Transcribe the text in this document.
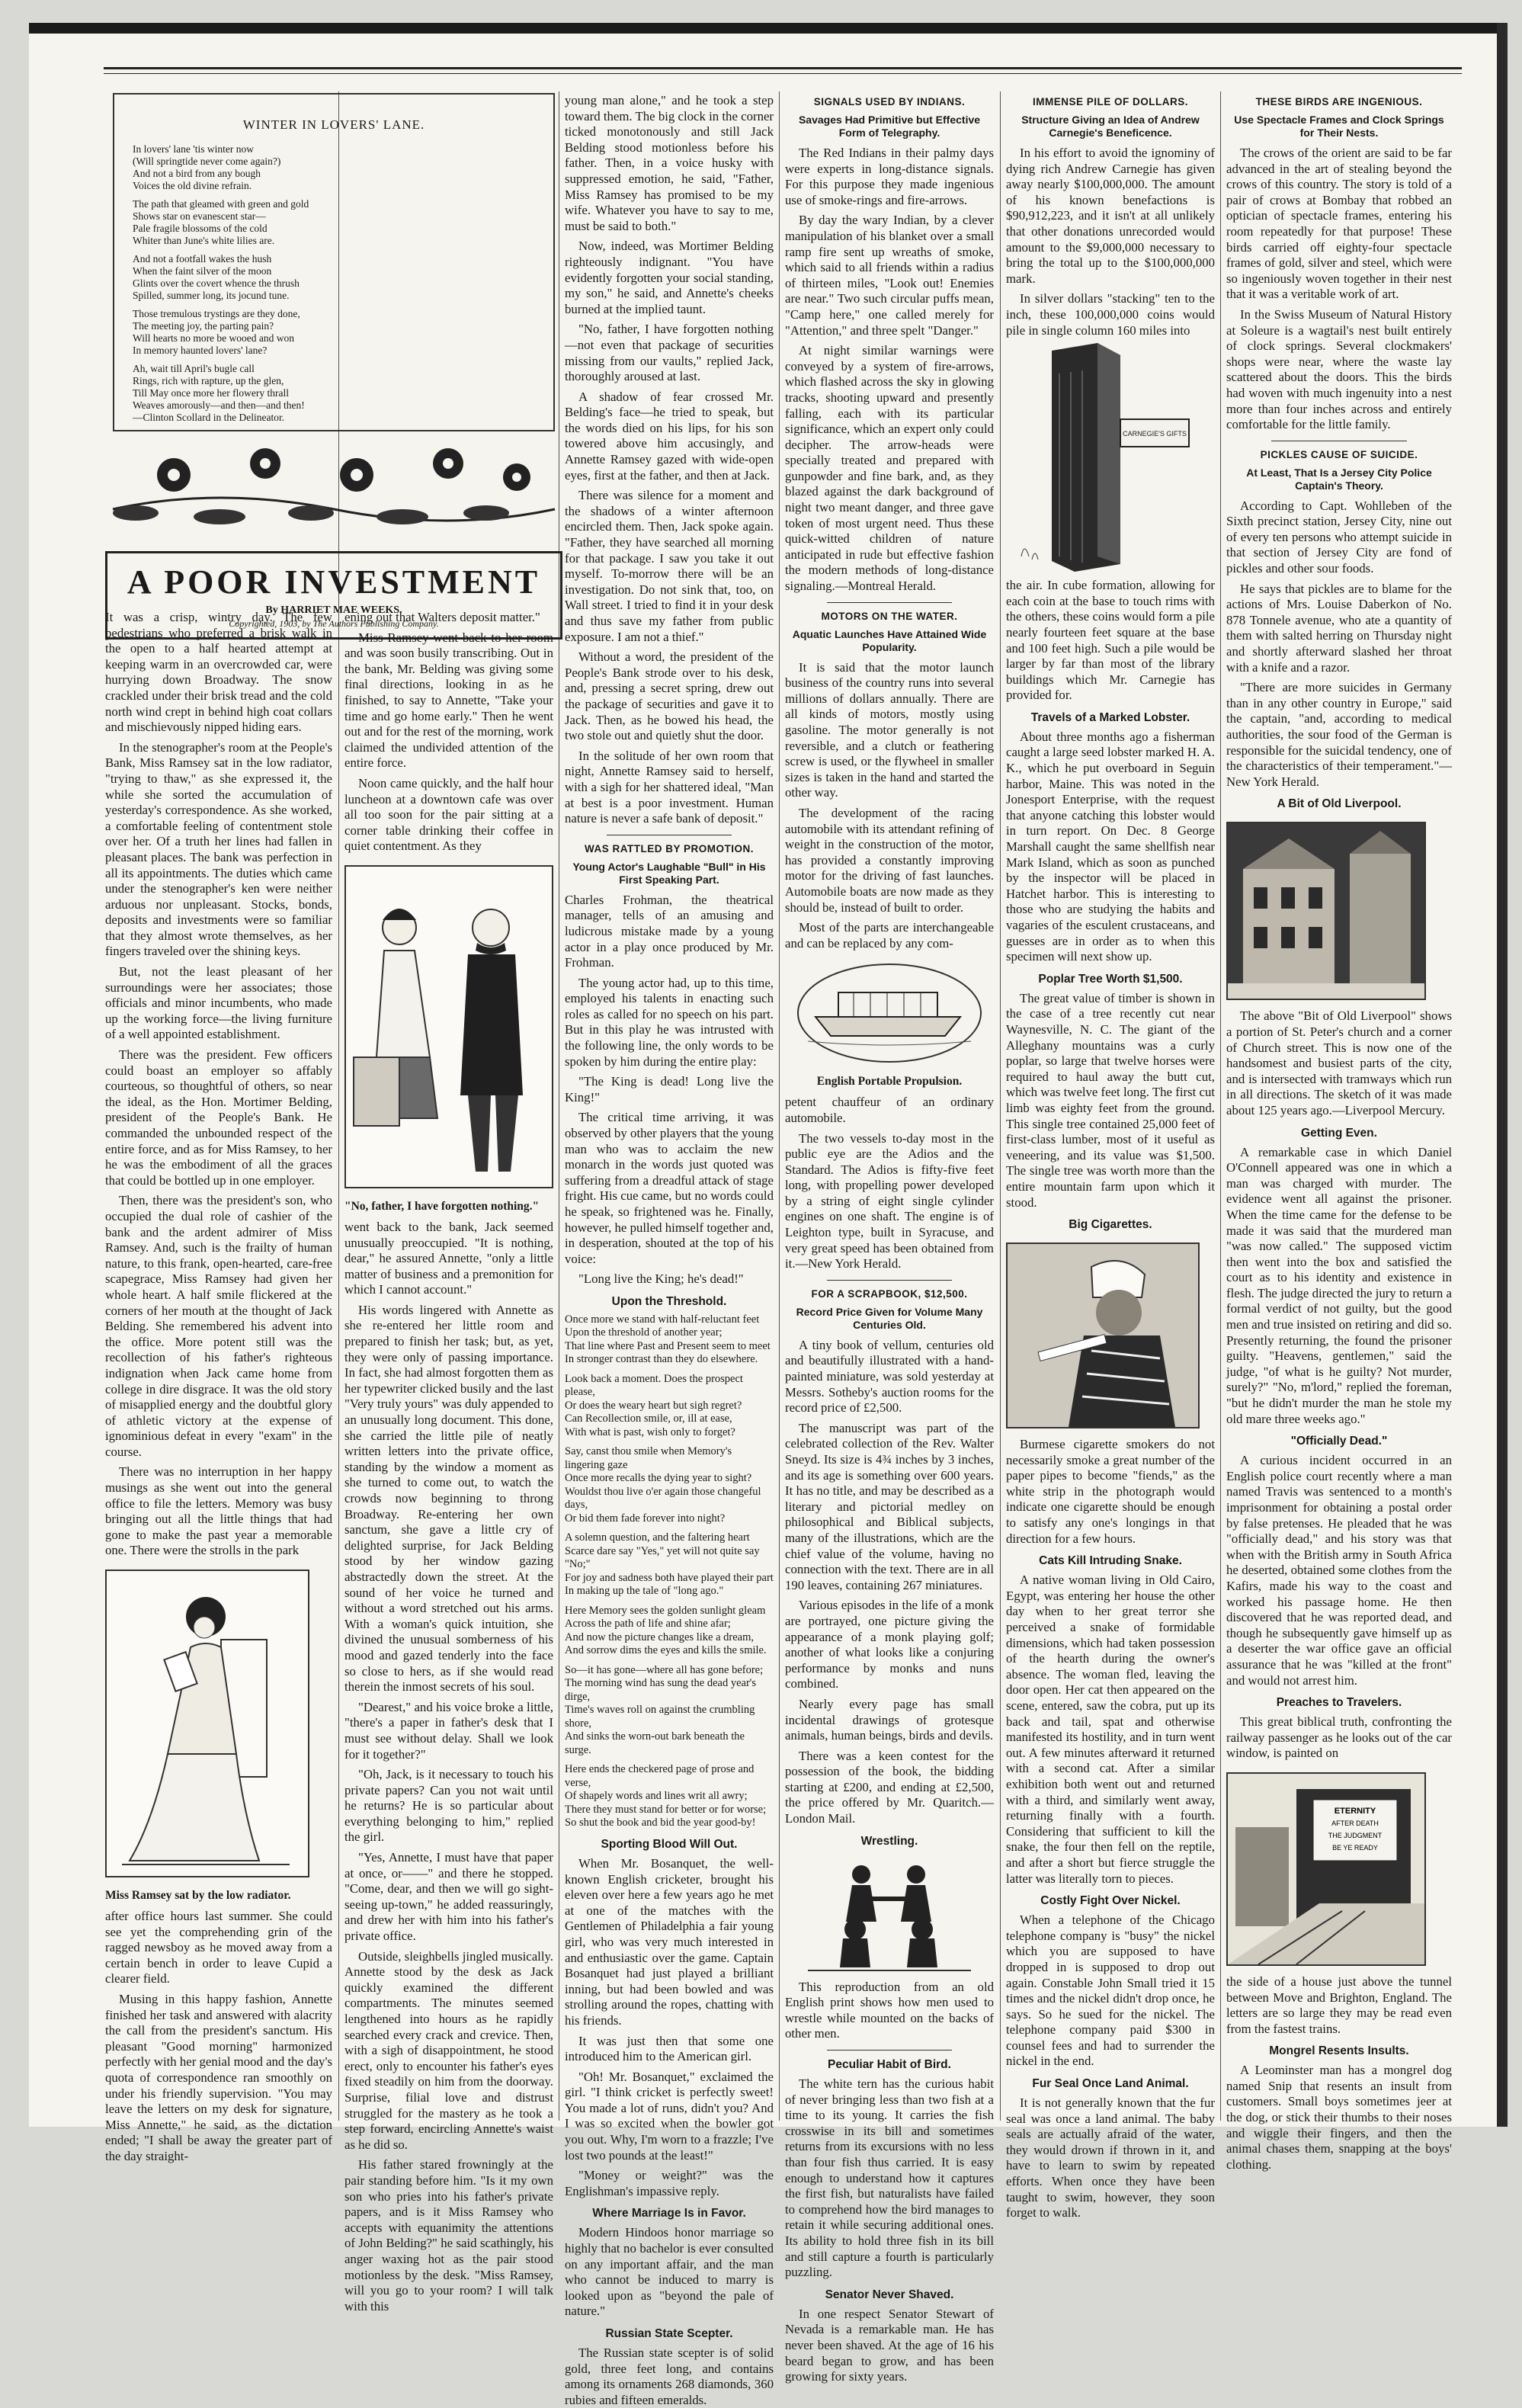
WINTER IN LOVERS' LANE.

In lovers' lane 'tis winter now
(Will springtide never come again?)
And not a bird from any bough
Voices the old divine refrain.

The path that gleamed with green and gold
Shows star on evanescent star—
Pale fragile blossoms of the cold
Whiter than June's white lilies are.

And not a footfall wakes the hush
When the faint silver of the moon
Glints over the covert whence the thrush
Spilled, summer long, its jocund tune.

Those tremulous trystings are they done,
The meeting joy, the parting pain?
Will hearts no more be wooed and won
In memory haunted lovers' lane?

Ah, wait till April's bugle call
Rings, rich with rapture, up the glen,
Till May once more her flowery thrall
Weaves amorously—and then—and then!
—Clinton Scollard in the Delineator.

A POOR INVESTMENT
By HARRIET MAE WEEKS.
Copyrighted, 1903, by The Authors Publishing Company.

It was a crisp, wintry day. The few pedestrians who preferred a brisk walk in the open to a half hearted attempt at keeping warm in an overcrowded car, were hurrying down Broadway. The snow crackled under their brisk tread and the cold north wind crept in behind high coat collars and mischievously nipped hiding ears.

In the stenographer's room at the People's Bank, Miss Ramsey sat in the low radiator, "trying to thaw," as she expressed it, the while she sorted the accumulation of yesterday's correspondence. As she worked, a comfortable feeling of contentment stole over her. Of a truth her lines had fallen in pleasant places. The bank was perfection in all its appointments. The duties which came under the stenographer's ken were neither arduous nor unpleasant. Stocks, bonds, deposits and investments were so familiar that they almost wrote themselves, as her fingers traveled over the shining keys.

But, not the least pleasant of her surroundings were her associates; those officials and minor incumbents, who made up the working force—the living furniture of a well appointed establishment.

There was the president. Few officers could boast an employer so affably courteous, so thoughtful of others, so near the ideal, as the Hon. Mortimer Belding, president of the People's Bank. He commanded the unbounded respect of the entire force, and as for Miss Ramsey, to her he was the embodiment of all the graces that could be bottled up in one employer.

Then, there was the president's son, who occupied the dual role of cashier of the bank and the ardent admirer of Miss Ramsey. And, such is the frailty of human nature, to this frank, open-hearted, care-free scapegrace, Miss Ramsey had given her whole heart. A half smile flickered at the corners of her mouth at the thought of Jack Belding. She remembered his advent into the office. More potent still was the recollection of his father's righteous indignation when Jack came home from college in dire disgrace. It was the old story of misapplied energy and the doubtful glory of athletic victory at the expense of ignominious defeat in every "exam" in the course.

There was no interruption in her happy musings as she went out into the general office to file the letters. Memory was busy bringing out all the little things that had gone to make the past year a memorable one. There were the strolls in the park

Miss Ramsey sat by the low radiator.

after office hours last summer. She could see yet the comprehending grin of the ragged newsboy as he moved away from a certain bench in order to leave Cupid a clearer field.

Musing in this happy fashion, Annette finished her task and answered with alacrity the call from the president's sanctum. His pleasant "Good morning" harmonized perfectly with her genial mood and the day's quota of correspondence ran smoothly on under his friendly supervision. "You may leave the letters on my desk for signature, Miss Annette," he said, as the dictation ended; "I shall be away the greater part of the day straight-

ening out that Walters deposit matter."

Miss Ramsey went back to her room and was soon busily transcribing. Out in the bank, Mr. Belding was giving some final directions, looking in as he finished, to say to Annette, "Take your time and go home early." Then he went out and for the rest of the morning, work claimed the undivided attention of the entire force.

Noon came quickly, and the half hour luncheon at a downtown cafe was over all too soon for the pair sitting at a corner table drinking their coffee in quiet contentment. As they

"No, father, I have forgotten nothing."

went back to the bank, Jack seemed unusually preoccupied. "It is nothing, dear," he assured Annette, "only a little matter of business and a premonition for which I cannot account."

His words lingered with Annette as she re-entered her little room and prepared to finish her task; but, as yet, they were only of passing importance. In fact, she had almost forgotten them as her typewriter clicked busily and the last "Very truly yours" was duly appended to an unusually long document. This done, she carried the little pile of neatly written letters into the private office, standing by the window a moment as she turned to come out, to watch the crowds now beginning to throng Broadway. Re-entering her own sanctum, she gave a little cry of delighted surprise, for Jack Belding stood by her window gazing abstractedly down the street. At the sound of her voice he turned and without a word stretched out his arms. With a woman's quick intuition, she divined the unusual somberness of his mood and gazed tenderly into the face so close to hers, as if she would read therein the inmost secrets of his soul.

"Dearest," and his voice broke a little, "there's a paper in father's desk that I must see without delay. Shall we look for it together?"

"Oh, Jack, is it necessary to touch his private papers? Can you not wait until he returns? He is so particular about everything belonging to him," replied the girl.

"Yes, Annette, I must have that paper at once, or——" and there he stopped. "Come, dear, and then we will go sight-seeing up-town," he added reassuringly, and drew her with him into his father's private office.

Outside, sleighbells jingled musically. Annette stood by the desk as Jack quickly examined the different compartments. The minutes seemed lengthened into hours as he rapidly searched every crack and crevice. Then, with a sigh of disappointment, he stood erect, only to encounter his father's eyes fixed steadily on him from the doorway. Surprise, filial love and distrust struggled for the mastery as he took a step forward, encircling Annette's waist as he did so.

His father stared frowningly at the pair standing before him. "Is it my own son who pries into his father's private papers, and is it Miss Ramsey who accepts with equanimity the attentions of John Belding?" he said scathingly, his anger waxing hot as the pair stood motionless by the desk. "Miss Ramsey, will you go to your room? I will talk with this

young man alone," and he took a step toward them. The big clock in the corner ticked monotonously and still Jack Belding stood motionless before his father. Then, in a voice husky with suppressed emotion, he said, "Father, Miss Ramsey has promised to be my wife. Whatever you have to say to me, must be said to both."

Now, indeed, was Mortimer Belding righteously indignant. "You have evidently forgotten your social standing, my son," he said, and Annette's cheeks burned at the implied taunt.

"No, father, I have forgotten nothing—not even that package of securities missing from our vaults," replied Jack, thoroughly aroused at last.

A shadow of fear crossed Mr. Belding's face—he tried to speak, but the words died on his lips, for his son towered above him accusingly, and Annette Ramsey gazed with wide-open eyes, first at the father, and then at Jack.

There was silence for a moment and the shadows of a winter afternoon encircled them. Then, Jack spoke again. "Father, they have searched all morning for that package. I saw you take it out myself. To-morrow there will be an investigation. Do not sink that, too, on Wall street. I tried to find it in your desk and thus save my father from public exposure. I am not a thief."

Without a word, the president of the People's Bank strode over to his desk, and, pressing a secret spring, drew out the package of securities and gave it to Jack. Then, as he bowed his head, the two stole out and quietly shut the door.

In the solitude of her own room that night, Annette Ramsey said to herself, with a sigh for her shattered ideal, "Man at best is a poor investment. Human nature is never a safe bank of deposit."

WAS RATTLED BY PROMOTION.
Young Actor's Laughable "Bull" in His First Speaking Part.

Charles Frohman, the theatrical manager, tells of an amusing and ludicrous mistake made by a young actor in a play once produced by Mr. Frohman.

The young actor had, up to this time, employed his talents in enacting such roles as called for no speech on his part. But in this play he was intrusted with the following line, the only words to be spoken by him during the entire play:

"The King is dead! Long live the King!"

The critical time arriving, it was observed by other players that the young man who was to acclaim the new monarch in the words just quoted was suffering from a dreadful attack of stage fright. His cue came, but no words could he speak, so frightened was he. Finally, however, he pulled himself together and, in desperation, shouted at the top of his voice:

"Long live the King; he's dead!"

Upon the Threshold.

Once more we stand with half-reluctant feet
Upon the threshold of another year;
That line where Past and Present seem to meet
In stronger contrast than they do elsewhere.

Look back a moment. Does the prospect please,
Or does the weary heart but sigh regret?
Can Recollection smile, or, ill at ease,
With what is past, wish only to forget?

Say, canst thou smile when Memory's lingering gaze
Once more recalls the dying year to sight?
Wouldst thou live o'er again those changeful days,
Or bid them fade forever into night?

A solemn question, and the faltering heart
Scarce dare say "Yes," yet will not quite say "No;"
For joy and sadness both have played their part
In making up the tale of "long ago."

Here Memory sees the golden sunlight gleam
Across the path of life and shine afar;
And now the picture changes like a dream,
And sorrow dims the eyes and kills the smile.

So—it has gone—where all has gone before;
The morning wind has sung the dead year's dirge,
Time's waves roll on against the crumbling shore,
And sinks the worn-out bark beneath the surge.

Here ends the checkered page of prose and verse,
Of shapely words and lines writ all awry;
There they must stand for better or for worse;
So shut the book and bid the year good-by!

Sporting Blood Will Out.

When Mr. Bosanquet, the well-known English cricketer, brought his eleven over here a few years ago he met at one of the matches with the Gentlemen of Philadelphia a fair young girl, who was very much interested in and enthusiastic over the game. Captain Bosanquet had just played a brilliant inning, but had been bowled and was strolling around the ropes, chatting with his friends.

It was just then that some one introduced him to the American girl.

"Oh! Mr. Bosanquet," exclaimed the girl. "I think cricket is perfectly sweet! You made a lot of runs, didn't you? And I was so excited when the bowler got you out. Why, I'm worn to a frazzle; I've lost two pounds at the least!"

"Money or weight?" was the Englishman's impassive reply.

Where Marriage Is in Favor.

Modern Hindoos honor marriage so highly that no bachelor is ever consulted on any important affair, and the man who cannot be induced to marry is looked upon as "beyond the pale of nature."

Russian State Scepter.

The Russian state scepter is of solid gold, three feet long, and contains among its ornaments 268 diamonds, 360 rubies and fifteen emeralds.

SIGNALS USED BY INDIANS.
Savages Had Primitive but Effective Form of Telegraphy.

The Red Indians in their palmy days were experts in long-distance signals. For this purpose they made ingenious use of smoke-rings and fire-arrows.

By day the wary Indian, by a clever manipulation of his blanket over a small ramp fire sent up wreaths of smoke, which said to all friends within a radius of thirteen miles, "Look out! Enemies are near." Two such circular puffs mean, "Camp here," one called merely for "Attention," and three spelt "Danger."

At night similar warnings were conveyed by a system of fire-arrows, which flashed across the sky in glowing tracks, shooting upward and presently falling, each with its particular significance, which an expert only could decipher. The arrow-heads were specially treated and prepared with gunpowder and fine bark, and, as they blazed against the dark background of night two meant danger, and three gave token of most urgent need. Thus these quick-witted children of nature anticipated in rude but effective fashion the modern methods of long-distance signaling.—Montreal Herald.

MOTORS ON THE WATER.
Aquatic Launches Have Attained Wide Popularity.

It is said that the motor launch business of the country runs into several millions of dollars annually. There are all kinds of motors, mostly using gasoline. The motor generally is not reversible, and a clutch or feathering screw is used, or the flywheel in smaller sizes is taken in the hand and started the other way.

The development of the racing automobile with its attendant refining of weight in the construction of the motor, has provided a constantly improving motor for the driving of fast launches. Automobile boats are now made as they should be, instead of built to order.

Most of the parts are interchangeable and can be replaced by any com-

English Portable Propulsion.

petent chauffeur of an ordinary automobile.

The two vessels to-day most in the public eye are the Adios and the Standard. The Adios is fifty-five feet long, with propelling power developed by a string of eight single cylinder engines on one shaft. The engine is of Leighton type, built in Syracuse, and very great speed has been obtained from it.—New York Herald.

FOR A SCRAPBOOK, $12,500.
Record Price Given for Volume Many Centuries Old.

A tiny book of vellum, centuries old and beautifully illustrated with a hand-painted miniature, was sold yesterday at Messrs. Sotheby's auction rooms for the record price of £2,500.

The manuscript was part of the celebrated collection of the Rev. Walter Sneyd. Its size is 4¾ inches by 3 inches, and its age is something over 600 years. It has no title, and may be described as a literary and pictorial medley on philosophical and Biblical subjects, many of the illustrations, which are the chief value of the volume, having no connection with the text. There are in all 190 leaves, containing 267 miniatures.

Various episodes in the life of a monk are portrayed, one picture giving the appearance of a monk playing golf; another of what looks like a conjuring performance by monks and nuns combined.

Nearly every page has small incidental drawings of grotesque animals, human beings, birds and devils.

There was a keen contest for the possession of the book, the bidding starting at £200, and ending at £2,500, the price offered by Mr. Quaritch.—London Mail.

Wrestling.

This reproduction from an old English print shows how men used to wrestle while mounted on the backs of other men.

Peculiar Habit of Bird.

The white tern has the curious habit of never bringing less than two fish at a time to its young. It carries the fish crosswise in its bill and sometimes returns from its excursions with no less than four fish thus carried. It is easy enough to understand how it captures the first fish, but naturalists have failed to comprehend how the bird manages to retain it while securing additional ones. Its ability to hold three fish in its bill and still capture a fourth is particularly puzzling.

Senator Never Shaved.

In one respect Senator Stewart of Nevada is a remarkable man. He has never been shaved. At the age of 16 his beard began to grow, and has been growing for sixty years.

IMMENSE PILE OF DOLLARS.
Structure Giving an Idea of Andrew Carnegie's Beneficence.

In his effort to avoid the ignominy of dying rich Andrew Carnegie has given away nearly $100,000,000. The amount of his known benefactions is $90,912,223, and it isn't at all unlikely that other donations unrecorded would amount to the $9,000,000 necessary to bring the total up to the $100,000,000 mark.

In silver dollars "stacking" ten to the inch, these 100,000,000 coins would pile in single column 160 miles into

CARNEGIE'S GIFTS

the air. In cube formation, allowing for each coin at the base to touch rims with the others, these coins would form a pile nearly fourteen feet square at the base and 100 feet high. Such a pile would be larger by far than most of the library buildings which Mr. Carnegie has provided for.

Travels of a Marked Lobster.

About three months ago a fisherman caught a large seed lobster marked H. A. K., which he put overboard in Seguin harbor, Maine. This was noted in the Jonesport Enterprise, with the request that anyone catching this lobster would in turn report. On Dec. 8 George Marshall caught the same shellfish near Mark Island, which as soon as punched by the inspector will be placed in Hatchet harbor. This is interesting to those who are studying the habits and vagaries of the esculent crustaceans, and guesses are in order as to when this specimen will next show up.

Poplar Tree Worth $1,500.

The great value of timber is shown in the case of a tree recently cut near Waynesville, N. C. The giant of the Alleghany mountains was a curly poplar, so large that twelve horses were required to haul away the butt cut, which was twelve feet long. The first cut limb was eighty feet from the ground. This single tree contained 25,000 feet of first-class lumber, most of it useful as veneering, and its value was $1,500. The single tree was worth more than the entire mountain farm upon which it stood.

Big Cigarettes.

Burmese cigarette smokers do not necessarily smoke a great number of the paper pipes to become "fiends," as the white strip in the photograph would indicate one cigarette should be enough to satisfy any one's longings in that direction for a few hours.

Cats Kill Intruding Snake.

A native woman living in Old Cairo, Egypt, was entering her house the other day when to her great terror she perceived a snake of formidable dimensions, which had taken possession of the hearth during the owner's absence. The woman fled, leaving the door open. Her cat then appeared on the scene, entered, saw the cobra, put up its back and tail, spat and otherwise manifested its hostility, and in turn went out. A few minutes afterward it returned with a second cat. After a similar exhibition both went out and returned with a third, and similarly went away, returning finally with a fourth. Considering that sufficient to kill the snake, the four then fell on the reptile, and after a short but fierce struggle the latter was literally torn to pieces.

Costly Fight Over Nickel.

When a telephone of the Chicago telephone company is "busy" the nickel which you are supposed to have dropped in is supposed to drop out again. Constable John Small tried it 15 times and the nickel didn't drop once, he says. So he sued for the nickel. The telephone company paid $300 in counsel fees and had to surrender the nickel in the end.

Fur Seal Once Land Animal.

It is not generally known that the fur seal was once a land animal. The baby seals are actually afraid of the water, they would drown if thrown in it, and have to learn to swim by repeated efforts. When once they have been taught to swim, however, they soon forget to walk.

THESE BIRDS ARE INGENIOUS.
Use Spectacle Frames and Clock Springs for Their Nests.

The crows of the orient are said to be far advanced in the art of stealing beyond the crows of this country. The story is told of a pair of crows at Bombay that robbed an optician of spectacle frames, entering his room repeatedly for that purpose! These birds carried off eighty-four spectacle frames of gold, silver and steel, which were so ingeniously woven together in their nest that it was a veritable work of art.

In the Swiss Museum of Natural History at Soleure is a wagtail's nest built entirely of clock springs. Several clockmakers' shops were near, where the waste lay scattered about the doors. This the birds had woven with much ingenuity into a nest more than four inches across and entirely comfortable for the little family.

PICKLES CAUSE OF SUICIDE.
At Least, That Is a Jersey City Police Captain's Theory.

According to Capt. Wohlleben of the Sixth precinct station, Jersey City, nine out of every ten persons who attempt suicide in that section of Jersey City are fond of pickles and other sour foods.

He says that pickles are to blame for the actions of Mrs. Louise Daberkon of No. 878 Tonnele avenue, who ate a quantity of them with salted herring on Thursday night and shortly afterward slashed her throat with a knife and a razor.

"There are more suicides in Germany than in any other country in Europe," said the captain, "and, according to medical authorities, the sour food of the German is responsible for the suicidal tendency, one of the characteristics of their temperament."—New York Herald.

A Bit of Old Liverpool.

The above "Bit of Old Liverpool" shows a portion of St. Peter's church and a corner of Church street. This is now one of the handsomest and busiest parts of the city, and is intersected with tramways which run in all directions. The sketch of it was made about 125 years ago.—Liverpool Mercury.

Getting Even.

A remarkable case in which Daniel O'Connell appeared was one in which a man was charged with murder. The evidence went all against the prisoner. When the time came for the defense to be made it was said that the murdered man "was now called." The supposed victim then went into the box and satisfied the court as to his identity and existence in flesh. The judge directed the jury to return a formal verdict of not guilty, but the good men and true insisted on retiring and did so. Presently returning, the found the prisoner guilty. "Heavens, gentlemen," said the judge, "of what is he guilty? Not murder, surely?" "No, m'lord," replied the foreman, "but he didn't murder the man he stole my old mare three weeks ago."

"Officially Dead."

A curious incident occurred in an English police court recently where a man named Travis was sentenced to a month's imprisonment for obtaining a postal order by false pretenses. He pleaded that he was "officially dead," and his story was that when with the British army in South Africa he deserted, obtained some clothes from the Kafirs, made his way to the coast and worked his passage home. He then discovered that he was reported dead, and though he subsequently gave himself up as a deserter the war office gave an official assurance that he was "killed at the front" and would not arrest him.

Preaches to Travelers.

This great biblical truth, confronting the railway passenger as he looks out of the car window, is painted on

ETERNITY
AFTER DEATH
THE JUDGMENT
BE YE READY

the side of a house just above the tunnel between Move and Brighton, England. The letters are so large they may be read even from the fastest trains.

Mongrel Resents Insults.

A Leominster man has a mongrel dog named Snip that resents an insult from customers. Small boys sometimes jeer at the dog, or stick their thumbs to their noses and wiggle their fingers, and then the animal chases them, snapping at the boys' clothing.
